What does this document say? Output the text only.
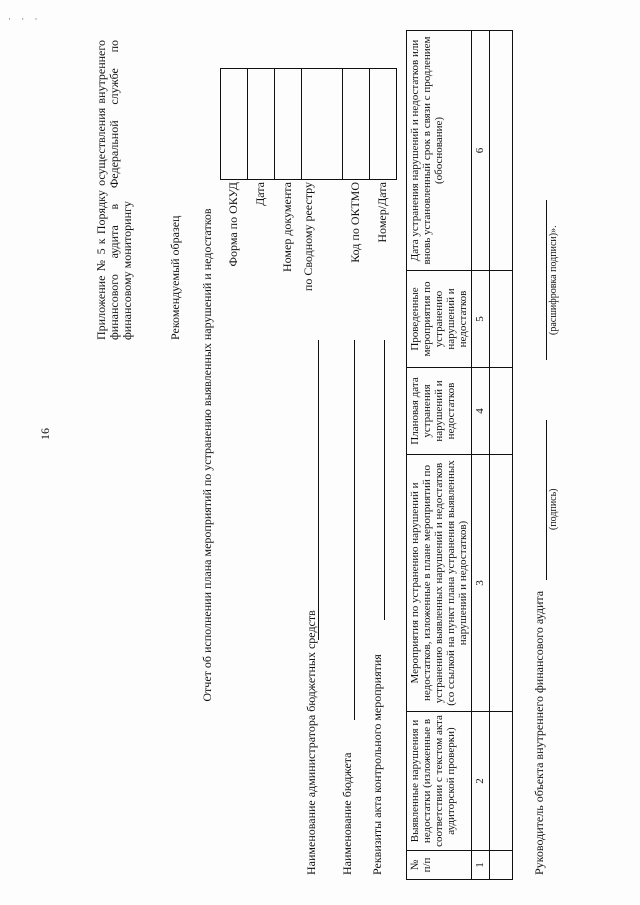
· · ·
16
Приложение № 5 к Порядку осуществления внутреннего финансового аудита в Федеральной службе по финансовому мониторингу	Рекомендуемый образец Отчет об исполнении плана мероприятий по устранению выявленных нарушений и недостатков	Форма по ОКУД	Дата	Номер документа по Сводному реестру	Код по ОКТМО	Номер/Дата

Наименование администратора бюджетных средств Наименование бюджета Реквизиты акта контрольного мероприятия № п/п	Выявленные нарушения и недостатки (изложенные в соответствии с текстом акта аудиторской проверки)	Мероприятия по устранению нарушений и недостатков, изложенные в плане мероприятий по устранению выявленных нарушений и недостатков (со ссылкой на пункт плана устранения выявленных нарушений и недостатков)	Плановая дата устранения нарушений и недостатков	Проведенные мероприятия по устранению нарушений и недостатков	Дата устранения нарушений и недостатков или вновь установленный срок в связи с продлением (обоснование)
1	2	3	4	5	6

Руководитель объекта внутреннего финансового аудита
(подпись)
(расшифровка подписи)».
